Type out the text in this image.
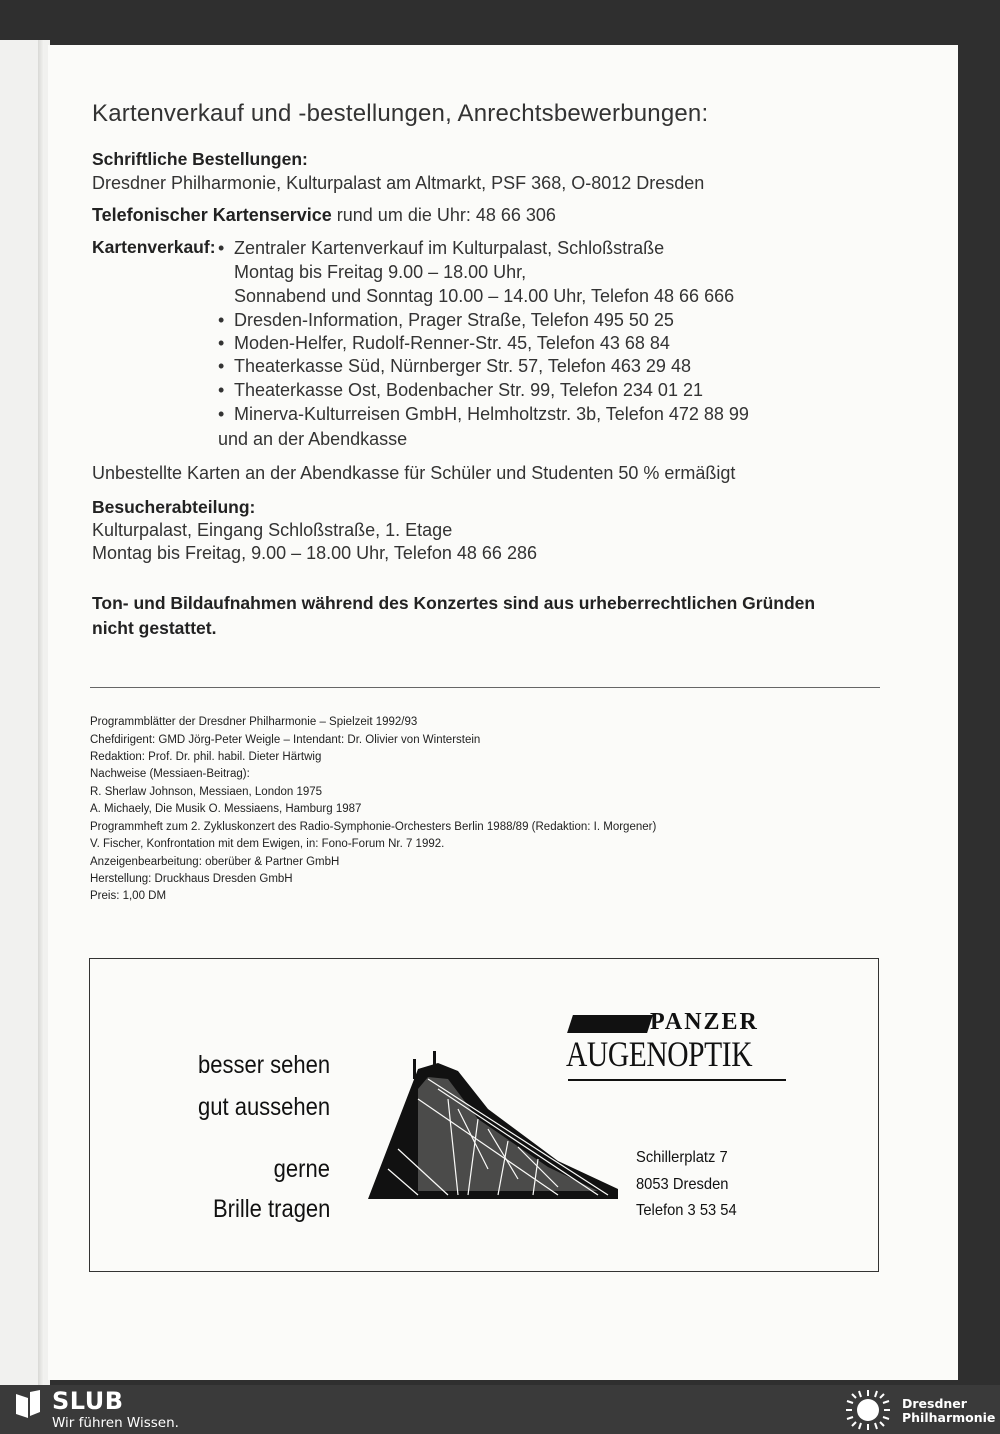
Kartenverkauf und -bestellungen, Anrechtsbewerbungen:
Schriftliche Bestellungen:
Dresdner Philharmonie, Kulturpalast am Altmarkt, PSF 368, O-8012 Dresden
Telefonischer Kartenservice rund um die Uhr: 48 66 306
Kartenverkauf: • Zentraler Kartenverkauf im Kulturpalast, Schloßstraße
Montag bis Freitag 9.00 – 18.00 Uhr,
Sonnabend und Sonntag 10.00 – 14.00 Uhr, Telefon 48 66 666
• Dresden-Information, Prager Straße, Telefon 495 50 25
• Moden-Helfer, Rudolf-Renner-Str. 45, Telefon 43 68 84
• Theaterkasse Süd, Nürnberger Str. 57, Telefon 463 29 48
• Theaterkasse Ost, Bodenbacher Str. 99, Telefon 234 01 21
• Minerva-Kulturreisen GmbH, Helmholtzstr. 3b, Telefon 472 88 99
und an der Abendkasse
Unbestellte Karten an der Abendkasse für Schüler und Studenten 50 % ermäßigt
Besucherabteilung:
Kulturpalast, Eingang Schloßstraße, 1. Etage
Montag bis Freitag, 9.00 – 18.00 Uhr, Telefon 48 66 286
Ton- und Bildaufnahmen während des Konzertes sind aus urheberrechtlichen Gründen
nicht gestattet.
Programmblätter der Dresdner Philharmonie – Spielzeit 1992/93
Chefdirigent: GMD Jörg-Peter Weigle – Intendant: Dr. Olivier von Winterstein
Redaktion: Prof. Dr. phil. habil. Dieter Härtwig
Nachweise (Messiaen-Beitrag):
R. Sherlaw Johnson, Messiaen, London 1975
A. Michaely, Die Musik O. Messiaens, Hamburg 1987
Programmheft zum 2. Zykluskonzert des Radio-Symphonie-Orchesters Berlin 1988/89 (Redaktion: I. Morgener)
V. Fischer, Konfrontation mit dem Ewigen, in: Fono-Forum Nr. 7 1992.
Anzeigenbearbeitung: oberüber & Partner GmbH
Herstellung: Druckhaus Dresden GmbH
Preis: 1,00 DM
besser sehen
gut aussehen
gerne
Brille tragen
PANZER
AUGENOPTIK
Schillerplatz 7
8053 Dresden
Telefon 3 53 54
SLUB
Wir führen Wissen.
Dresdner
Philharmonie
